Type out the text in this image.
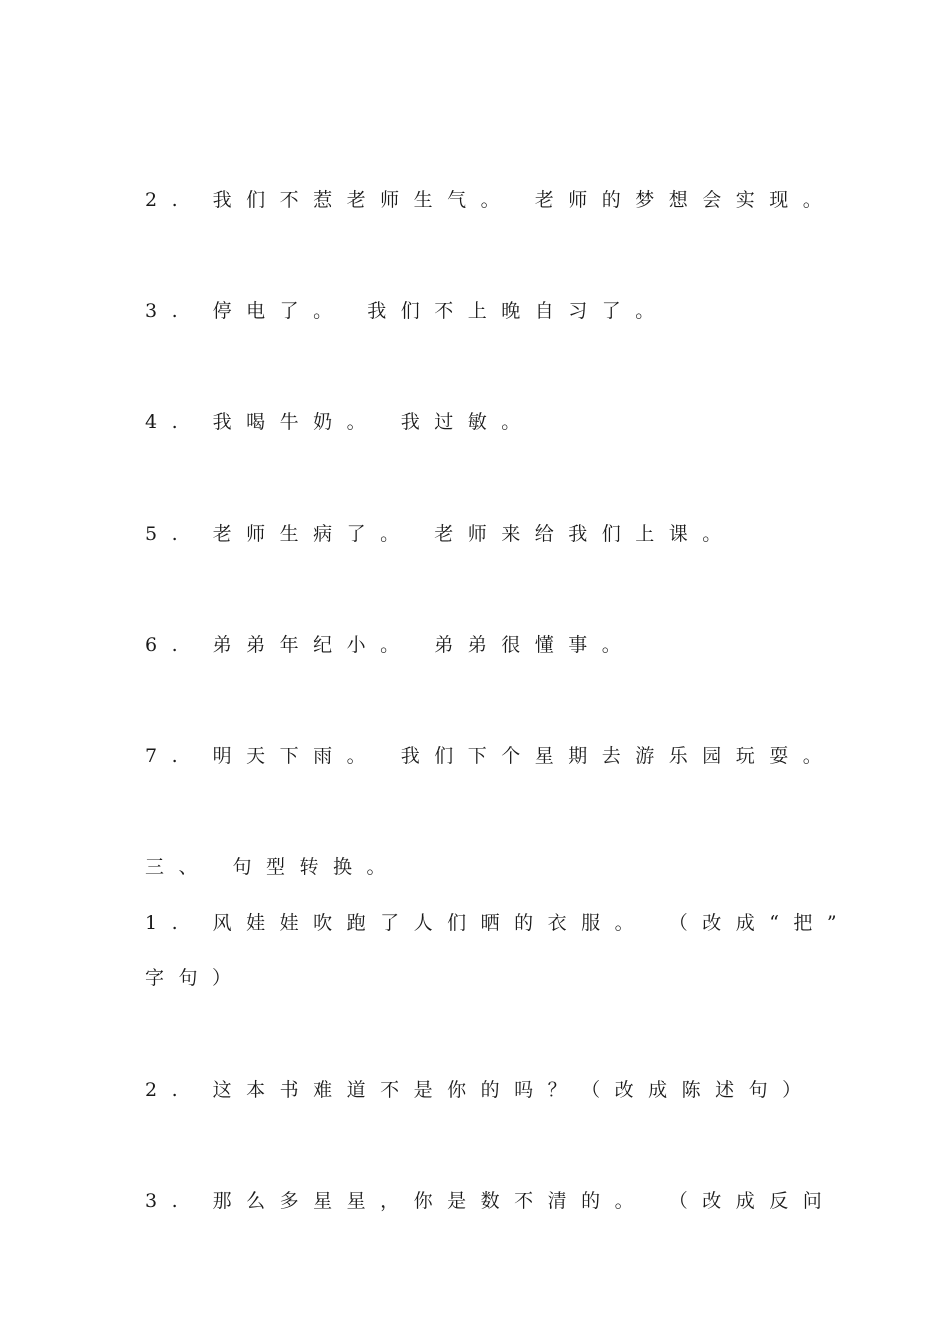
2. 我们不惹老师生气。 老师的梦想会实现。
3. 停电了。 我们不上晚自习了。
4. 我喝牛奶。 我过敏。
5. 老师生病了。 老师来给我们上课。
6. 弟弟年纪小。 弟弟很懂事。
7. 明天下雨。 我们下个星期去游乐园玩耍。
三、 句型转换。
1. 风娃娃吹跑了人们晒的衣服。 （改成“把”
字句）
2. 这本书难道不是你的吗？（改成陈述句）
3. 那么多星星，你是数不清的。 （改成反问
